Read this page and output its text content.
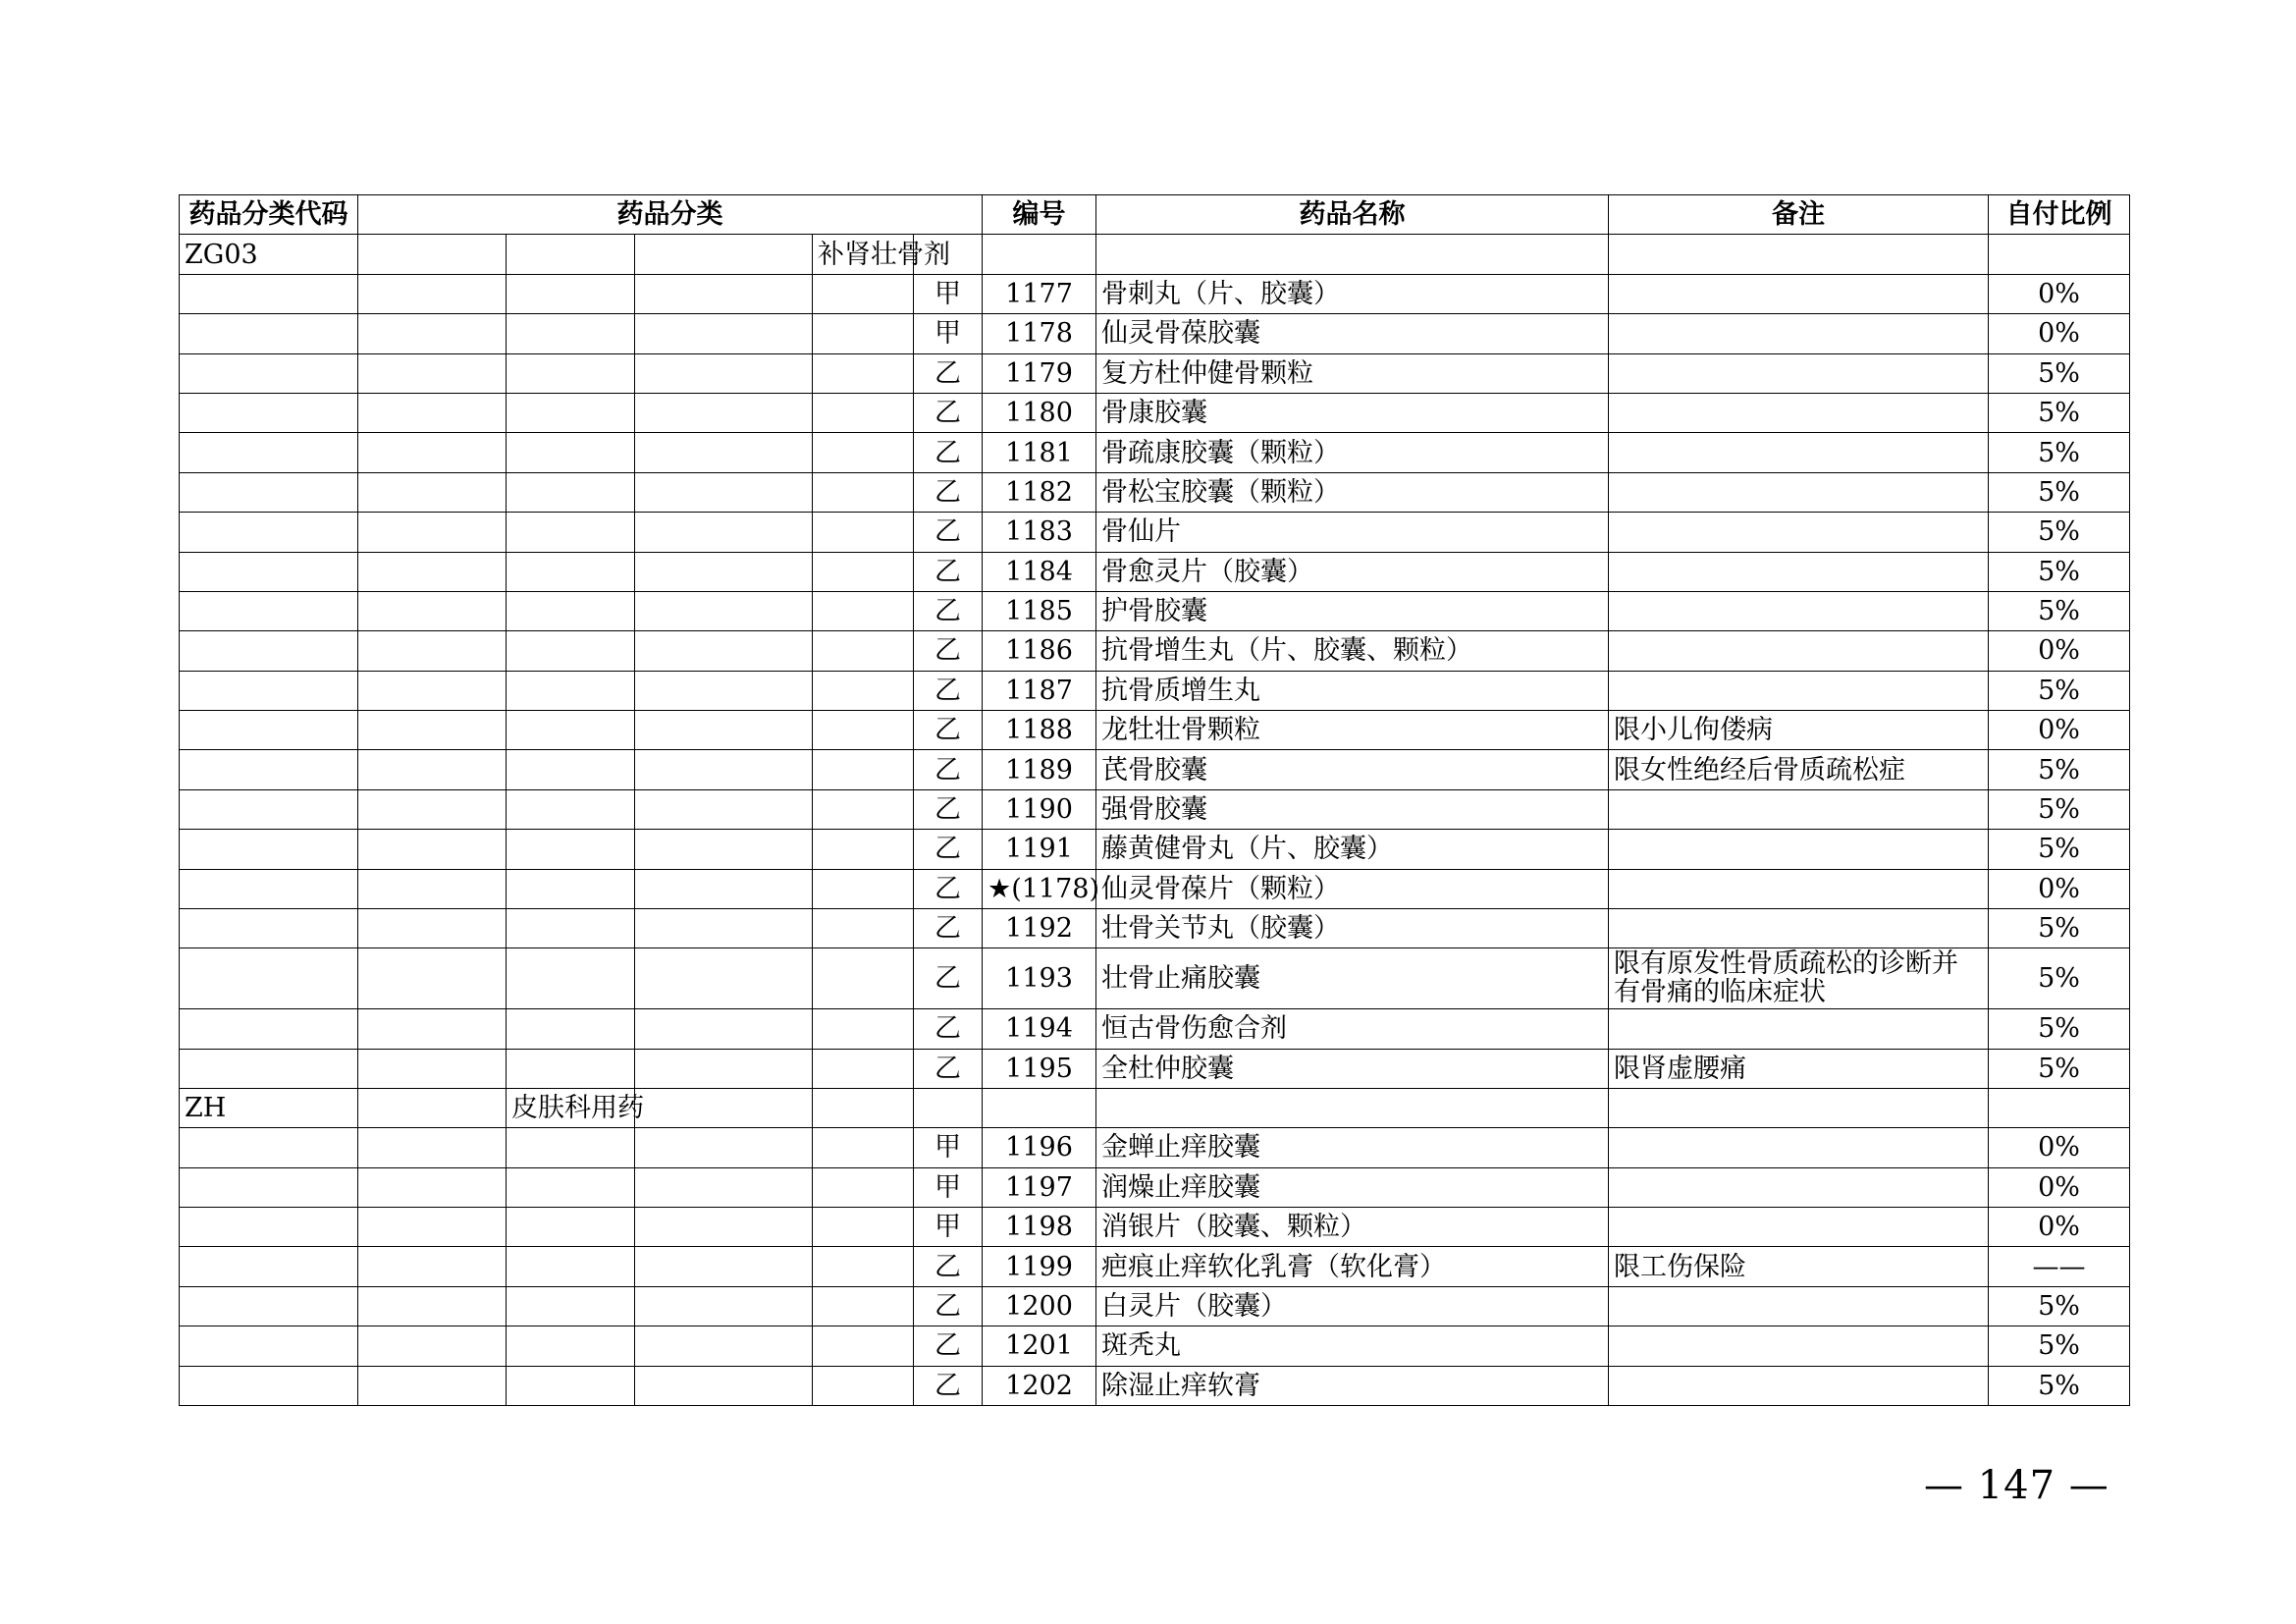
药品分类代码	药品分类					编号	药品名称	备注	自付比例
ZG03				补肾壮骨剂					
					甲	1177	骨刺丸（片、胶囊）		0%
					甲	1178	仙灵骨葆胶囊		0%
					乙	1179	复方杜仲健骨颗粒		5%
					乙	1180	骨康胶囊		5%
					乙	1181	骨疏康胶囊（颗粒）		5%
					乙	1182	骨松宝胶囊（颗粒）		5%
					乙	1183	骨仙片		5%
					乙	1184	骨愈灵片（胶囊）		5%
					乙	1185	护骨胶囊		5%
					乙	1186	抗骨增生丸（片、胶囊、颗粒）		0%
					乙	1187	抗骨质增生丸		5%
					乙	1188	龙牡壮骨颗粒	限小儿佝偻病	0%
					乙	1189	芪骨胶囊	限女性绝经后骨质疏松症	5%
					乙	1190	强骨胶囊		5%
					乙	1191	藤黄健骨丸（片、胶囊）		5%
					乙	★(1178)	仙灵骨葆片（颗粒）		0%
					乙	1192	壮骨关节丸（胶囊）		5%
					乙	1193	壮骨止痛胶囊	限有原发性骨质疏松的诊断并有骨痛的临床症状	5%
					乙	1194	恒古骨伤愈合剂		5%
					乙	1195	全杜仲胶囊	限肾虚腰痛	5%
ZH		皮肤科用药							
					甲	1196	金蝉止痒胶囊		0%
					甲	1197	润燥止痒胶囊		0%
					甲	1198	消银片（胶囊、颗粒）		0%
					乙	1199	疤痕止痒软化乳膏（软化膏）	限工伤保险	——
					乙	1200	白灵片（胶囊）		5%
					乙	1201	斑秃丸		5%
					乙	1202	除湿止痒软膏		5%
— 147 —
